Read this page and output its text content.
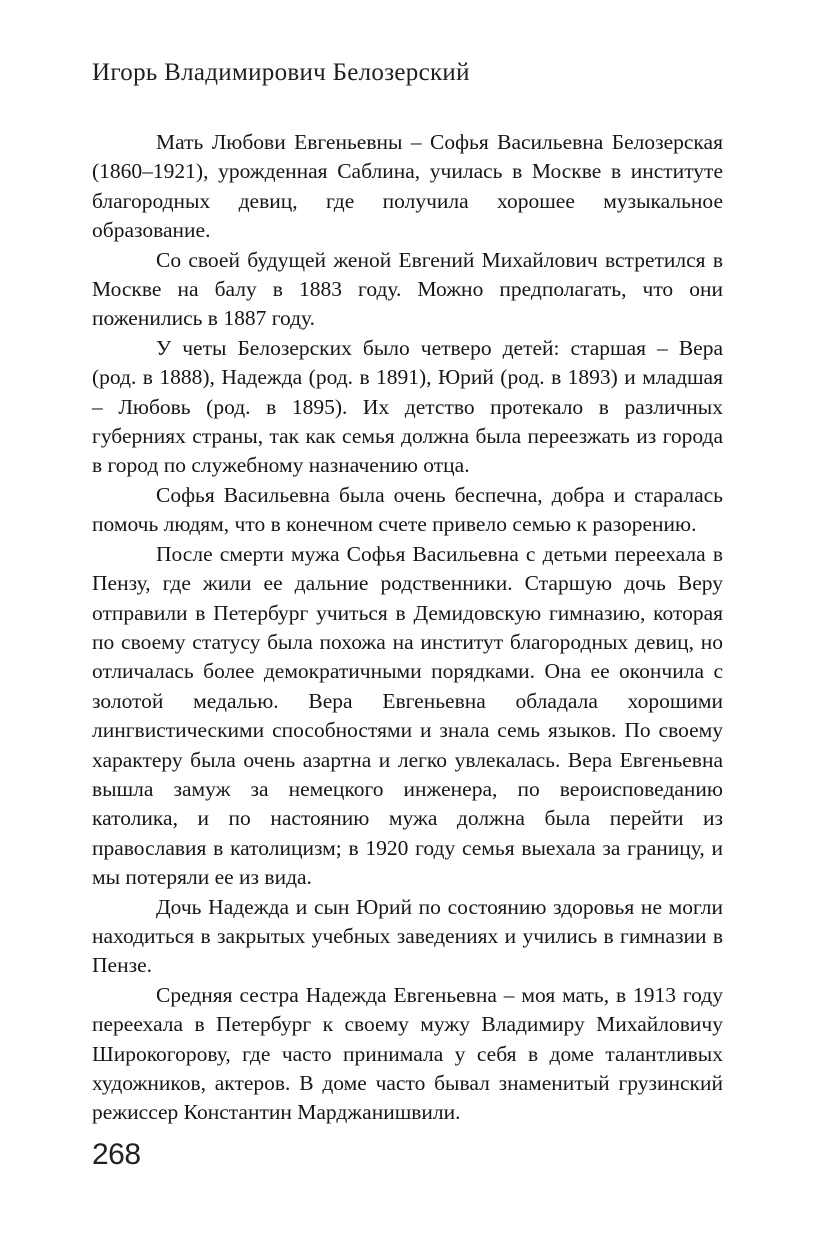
Игорь Владимирович Белозерский

Мать Любови Евгеньевны – Софья Васильевна Белозерская (1860–1921), урожденная Саблина, училась в Москве в институте благородных девиц, где получила хорошее музыкальное образование.

Со своей будущей женой Евгений Михайлович встретился в Москве на балу в 1883 году. Можно предполагать, что они поженились в 1887 году.

У четы Белозерских было четверо детей: старшая – Вера (род. в 1888), Надежда (род. в 1891), Юрий (род. в 1893) и младшая – Любовь (род. в 1895). Их детство протекало в различных губерниях страны, так как семья должна была переезжать из города в город по служебному назначению отца.

Софья Васильевна была очень беспечна, добра и старалась помочь людям, что в конечном счете привело семью к разорению.

После смерти мужа Софья Васильевна с детьми переехала в Пензу, где жили ее дальние родственники. Старшую дочь Веру отправили в Петербург учиться в Демидовскую гимназию, которая по своему статусу была похожа на институт благородных девиц, но отличалась более демократичными порядками. Она ее окончила с золотой медалью. Вера Евгеньевна обладала хорошими лингвистическими способностями и знала семь языков. По своему характеру была очень азартна и легко увлекалась. Вера Евгеньевна вышла замуж за немецкого инженера, по вероисповеданию католика, и по настоянию мужа должна была перейти из православия в католицизм; в 1920 году семья выехала за границу, и мы потеряли ее из вида.

Дочь Надежда и сын Юрий по состоянию здоровья не могли находиться в закрытых учебных заведениях и учились в гимназии в Пензе.

Средняя сестра Надежда Евгеньевна – моя мать, в 1913 году переехала в Петербург к своему мужу Владимиру Михайловичу Широкогорову, где часто принимала у себя в доме талантливых художников, актеров. В доме часто бывал знаменитый грузинский режиссер Константин Марджанишвили.

268
